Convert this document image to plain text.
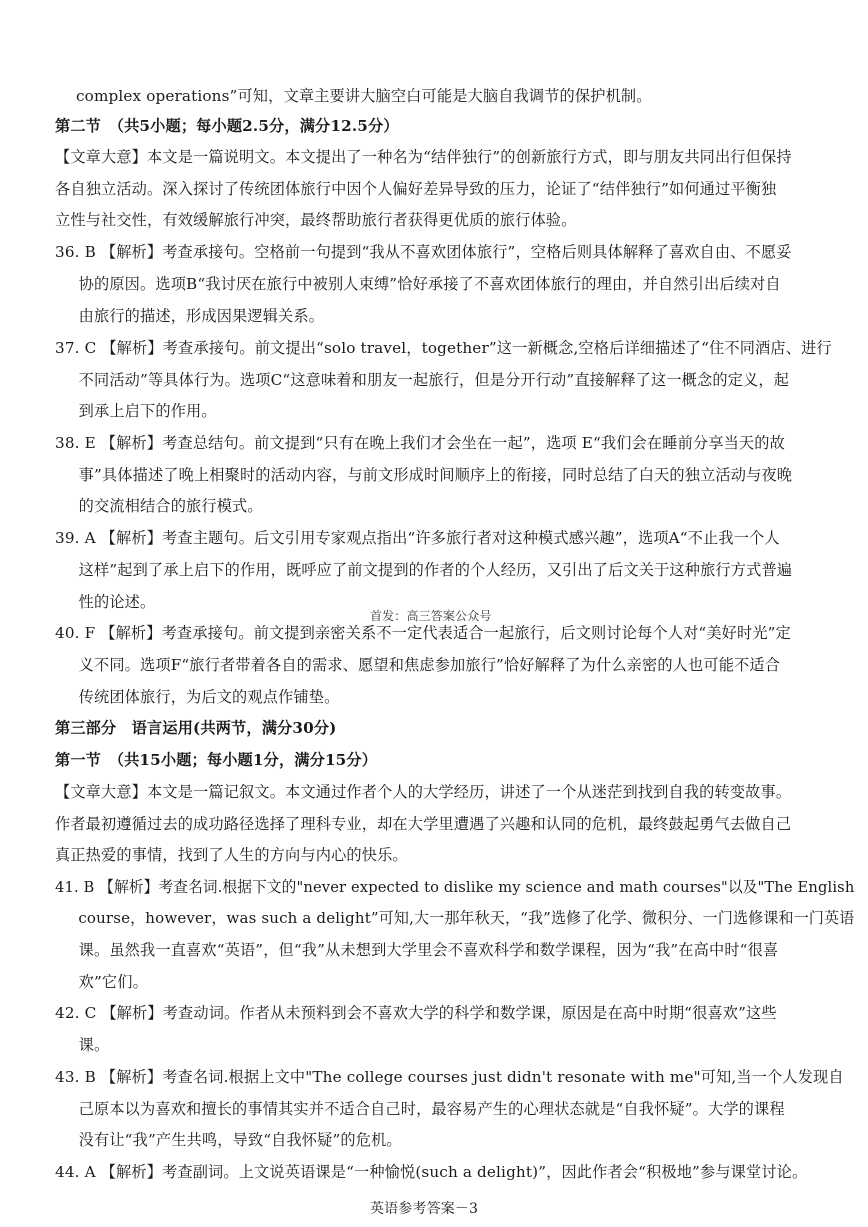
complex operations”可知，文章主要讲大脑空白可能是大脑自我调节的保护机制。
第二节　（共5小题；每小题2.5分，满分12.5分）
【文章大意】本文是一篇说明文。本文提出了一种名为“结伴独行”的创新旅行方式，即与朋友共同出行但保持
各自独立活动。深入探讨了传统团体旅行中因个人偏好差异导致的压力，论证了“结伴独行”如何通过平衡独
立性与社交性，有效缓解旅行冲突，最终帮助旅行者获得更优质的旅行体验。
36. B 【解析】考查承接句。空格前一句提到“我从不喜欢团体旅行”，空格后则具体解释了喜欢自由、不愿妥
　　协的原因。选项B“我讨厌在旅行中被别人束缚”恰好承接了不喜欢团体旅行的理由，并自然引出后续对自
　　由旅行的描述，形成因果逻辑关系。
37. C 【解析】考查承接句。前文提出“solo travel，together”这一新概念,空格后详细描述了“住不同酒店、进行
　　不同活动”等具体行为。选项C“这意味着和朋友一起旅行，但是分开行动”直接解释了这一概念的定义，起
　　到承上启下的作用。
38. E 【解析】考查总结句。前文提到“只有在晚上我们才会坐在一起”，选项 E“我们会在睡前分享当天的故
　　事”具体描述了晚上相聚时的活动内容，与前文形成时间顺序上的衔接，同时总结了白天的独立活动与夜晚
　　的交流相结合的旅行模式。
39. A 【解析】考查主题句。后文引用专家观点指出“许多旅行者对这种模式感兴趣”，选项A“不止我一个人
　　这样”起到了承上启下的作用，既呼应了前文提到的作者的个人经历，又引出了后文关于这种旅行方式普遍
　　性的论述。
首发：高三答案公众号
40. F 【解析】考查承接句。前文提到亲密关系不一定代表适合一起旅行，后文则讨论每个人对“美好时光”定
　　义不同。选项F“旅行者带着各自的需求、愿望和焦虑参加旅行”恰好解释了为什么亲密的人也可能不适合
　　传统团体旅行，为后文的观点作铺垫。
第三部分　语言运用(共两节，满分30分)
第一节　（共15小题；每小题1分，满分15分）
【文章大意】本文是一篇记叙文。本文通过作者个人的大学经历，讲述了一个从迷茫到找到自我的转变故事。
作者最初遵循过去的成功路径选择了理科专业，却在大学里遭遇了兴趣和认同的危机，最终鼓起勇气去做自己
真正热爱的事情，找到了人生的方向与内心的快乐。
41. B 【解析】考查名词.根据下文的"never expected to dislike my science and math courses"以及"The English
　　course，however，was such a delight”可知,大一那年秋天，“我”选修了化学、微积分、一门选修课和一门英语
　　课。虽然我一直喜欢“英语”，但“我”从未想到大学里会不喜欢科学和数学课程，因为“我”在高中时“很喜
　　欢”它们。
42. C 【解析】考查动词。作者从未预料到会不喜欢大学的科学和数学课，原因是在高中时期“很喜欢”这些
　　课。
43. B 【解析】考查名词.根据上文中"The college courses just didn't resonate with me"可知,当一个人发现自
　　己原本以为喜欢和擅长的事情其实并不适合自己时，最容易产生的心理状态就是“自我怀疑”。大学的课程
　　没有让“我”产生共鸣，导致“自我怀疑”的危机。
44. A 【解析】考查副词。上文说英语课是“一种愉悦(such a delight)”，因此作者会“积极地”参与课堂讨论。
英语参考答案－3
